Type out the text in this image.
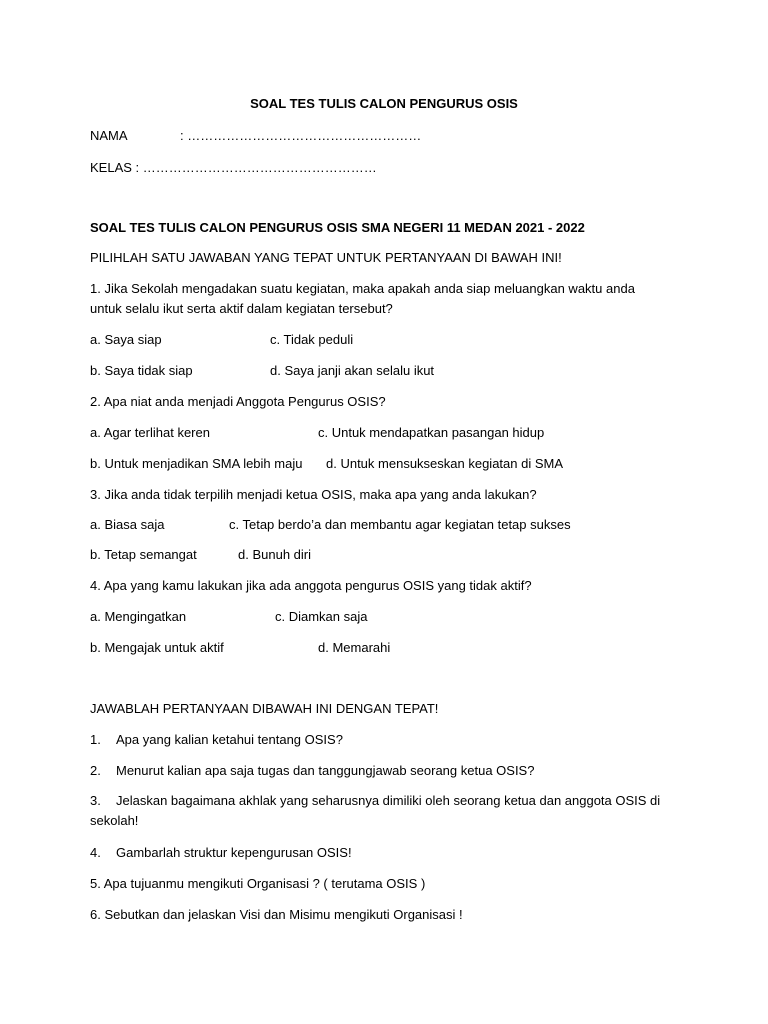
SOAL TES TULIS CALON PENGURUS OSIS
NAMA	: ………………………………………………
KELAS : ………………………………………………
SOAL TES TULIS CALON PENGURUS OSIS SMA NEGERI 11 MEDAN 2021 - 2022
PILIHLAH SATU JAWABAN YANG TEPAT UNTUK PERTANYAAN DI BAWAH INI!
1. Jika Sekolah mengadakan suatu kegiatan, maka apakah anda siap meluangkan waktu anda untuk selalu ikut serta aktif dalam kegiatan tersebut?
a. Saya siap	c. Tidak peduli
b. Saya tidak siap	d. Saya janji akan selalu ikut
2. Apa niat anda menjadi Anggota Pengurus OSIS?
a. Agar terlihat keren	c. Untuk mendapatkan pasangan hidup
b. Untuk menjadikan SMA lebih maju d. Untuk mensukseskan kegiatan di SMA
3. Jika anda tidak terpilih menjadi ketua OSIS, maka apa yang anda lakukan?
a. Biasa saja	c. Tetap berdo’a dan membantu agar kegiatan tetap sukses
b. Tetap semangat	d. Bunuh diri
4. Apa yang kamu lakukan jika ada anggota pengurus OSIS yang tidak aktif?
a. Mengingatkan	c. Diamkan saja
b. Mengajak untuk aktif	d. Memarahi
JAWABLAH PERTANYAAN DIBAWAH INI DENGAN TEPAT!
1. Apa yang kalian ketahui tentang OSIS?
2. Menurut kalian apa saja tugas dan tanggungjawab seorang ketua OSIS?
3. Jelaskan bagaimana akhlak yang seharusnya dimiliki oleh seorang ketua dan anggota OSIS di sekolah!
4. Gambarlah struktur kepengurusan OSIS!
5. Apa tujuanmu mengikuti Organisasi ? ( terutama OSIS )
6. Sebutkan dan jelaskan Visi dan Misimu mengikuti Organisasi !
